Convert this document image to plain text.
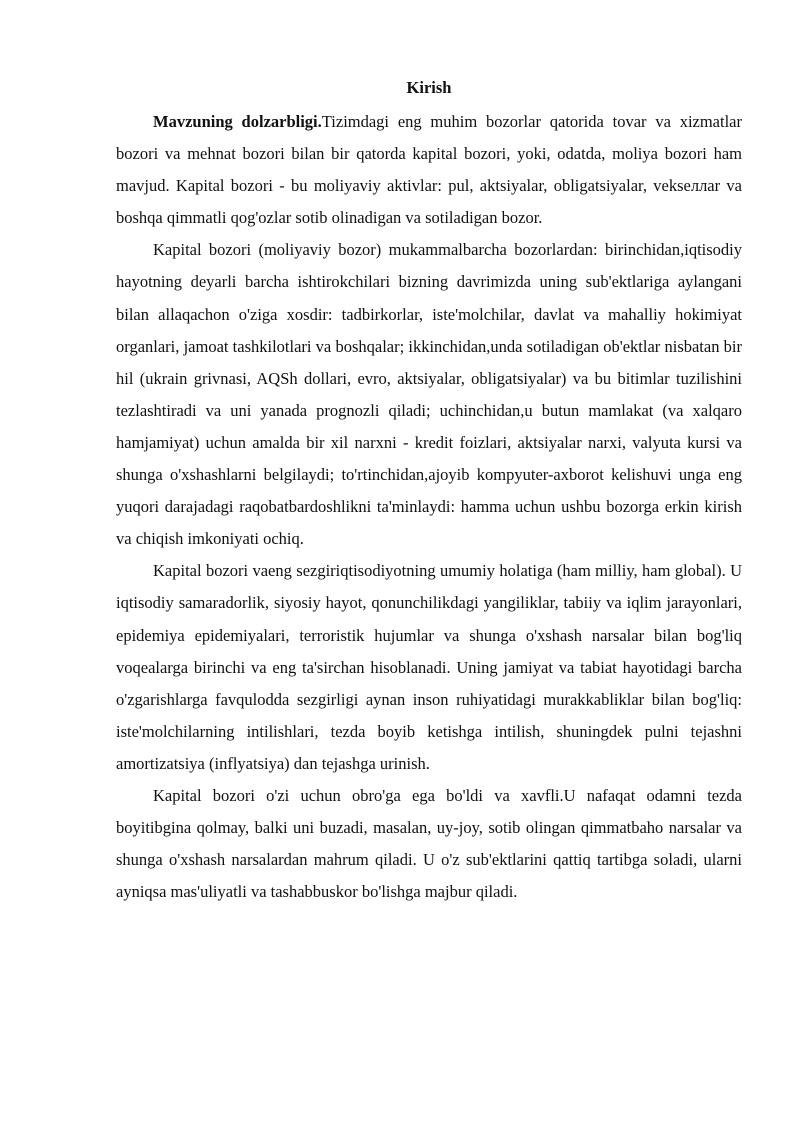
Kirish

Mavzuning dolzarbligi.Tizimdagi eng muhim bozorlar qatorida tovar va xizmatlar bozori va mehnat bozori bilan bir qatorda kapital bozori, yoki, odatda, moliya bozori ham mavjud. Kapital bozori - bu moliyaviy aktivlar: pul, aktsiyalar, obligatsiyalar, vekseллar va boshqa qimmatli qog'ozlar sotib olinadigan va sotiladigan bozor.

Kapital bozori (moliyaviy bozor) mukammalbarcha bozorlardan: birinchidan,iqtisodiy hayotning deyarli barcha ishtirokchilari bizning davrimizda uning sub'ektlariga aylangani bilan allaqachon o'ziga xosdir: tadbirkorlar, iste'molchilar, davlat va mahalliy hokimiyat organlari, jamoat tashkilotlari va boshqalar; ikkinchidan,unda sotiladigan ob'ektlar nisbatan bir hil (ukrain grivnasi, AQSh dollari, evro, aktsiyalar, obligatsiyalar) va bu bitimlar tuzilishini tezlashtiradi va uni yanada prognozli qiladi; uchinchidan,u butun mamlakat (va xalqaro hamjamiyat) uchun amalda bir xil narxni - kredit foizlari, aktsiyalar narxi, valyuta kursi va shunga o'xshashlarni belgilaydi; to'rtinchidan,ajoyib kompyuter-axborot kelishuvi unga eng yuqori darajadagi raqobatbardoshlikni ta'minlaydi: hamma uchun ushbu bozorga erkin kirish va chiqish imkoniyati ochiq.

Kapital bozori vaeng sezgiriqtisodiyotning umumiy holatiga (ham milliy, ham global). U iqtisodiy samaradorlik, siyosiy hayot, qonunchilikdagi yangiliklar, tabiiy va iqlim jarayonlari, epidemiya epidemiyalari, terroristik hujumlar va shunga o'xshash narsalar bilan bog'liq voqealarga birinchi va eng ta'sirchan hisoblanadi. Uning jamiyat va tabiat hayotidagi barcha o'zgarishlarga favqulodda sezgirligi aynan inson ruhiyatidagi murakkabliklar bilan bog'liq: iste'molchilarning intilishlari, tezda boyib ketishga intilish, shuningdek pulni tejashni amortizatsiya (inflyatsiya) dan tejashga urinish.

Kapital bozori o'zi uchun obro'ga ega bo'ldi va xavfli.U nafaqat odamni tezda boyitibgina qolmay, balki uni buzadi, masalan, uy-joy, sotib olingan qimmatbaho narsalar va shunga o'xshash narsalardan mahrum qiladi. U o'z sub'ektlarini qattiq tartibga soladi, ularni ayniqsa mas'uliyatli va tashabbuskor bo'lishga majbur qiladi.
